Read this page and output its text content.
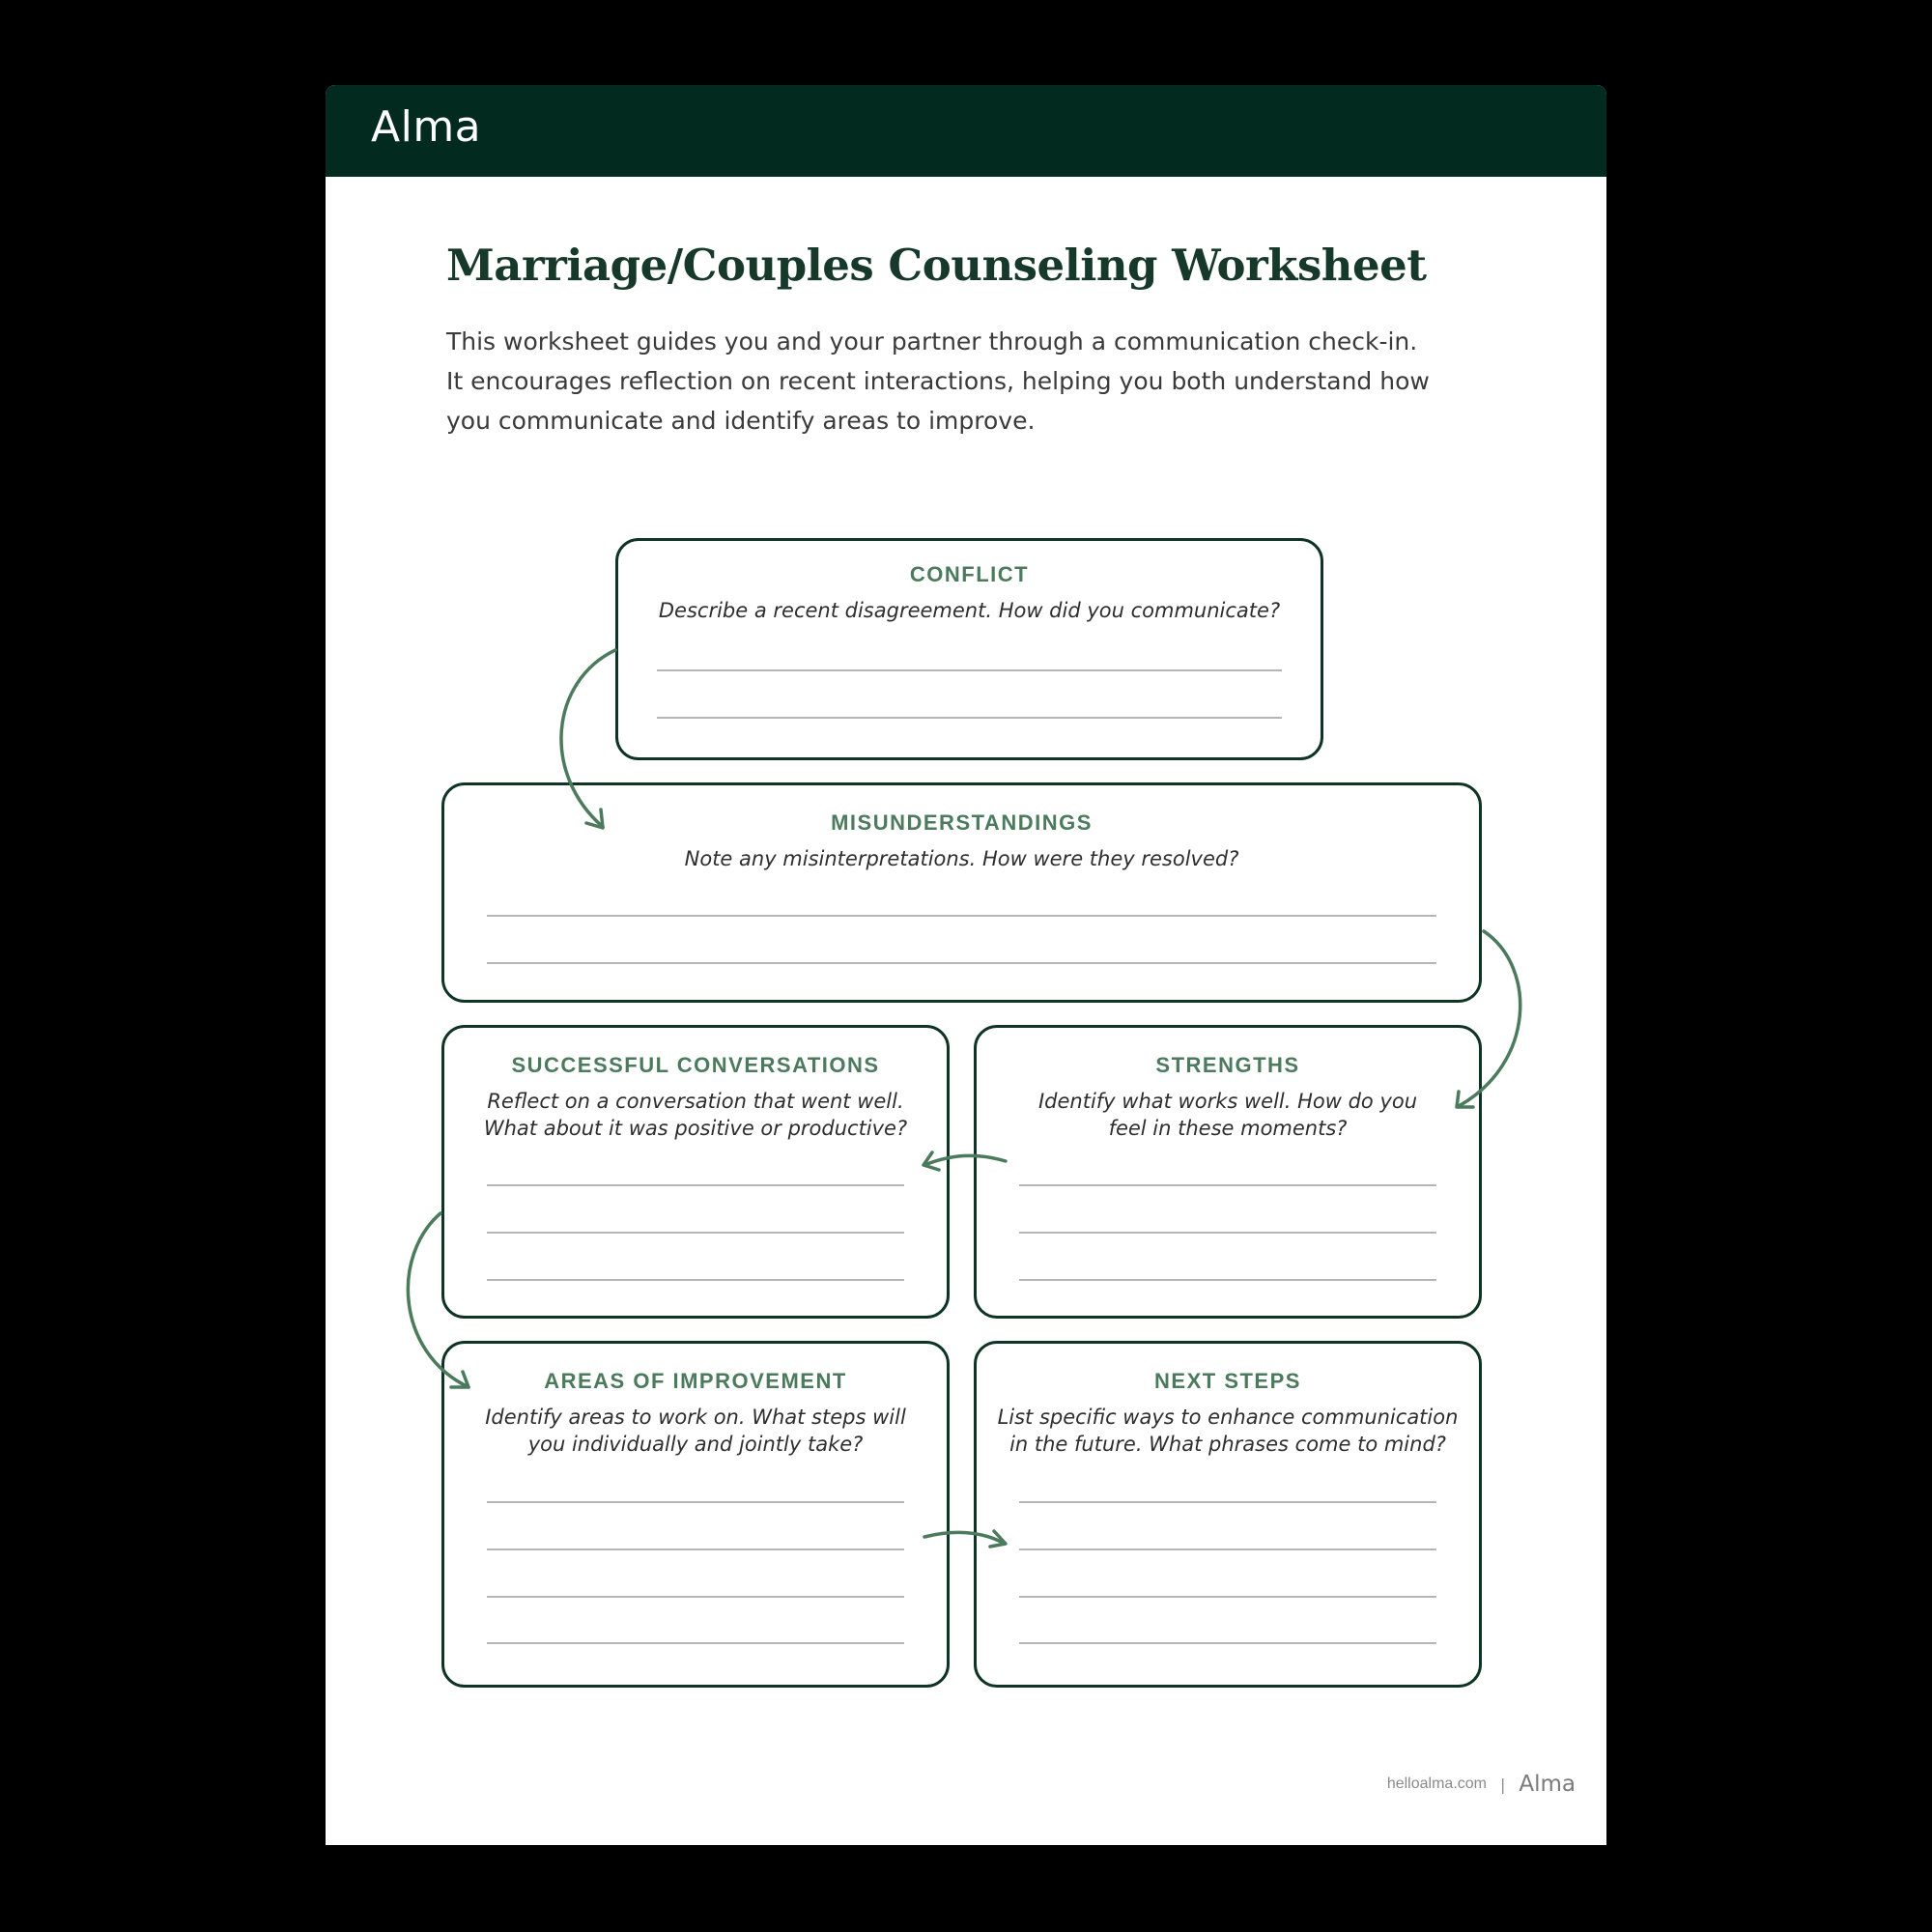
Alma
Marriage/Couples Counseling Worksheet
This worksheet guides you and your partner through a communication check-in.
It encourages reflection on recent interactions, helping you both understand how
you communicate and identify areas to improve.
CONFLICT
Describe a recent disagreement. How did you communicate?
MISUNDERSTANDINGS
Note any misinterpretations. How were they resolved?
SUCCESSFUL CONVERSATIONS
Reflect on a conversation that went well.
What about it was positive or productive?
STRENGTHS
Identify what works well. How do you
feel in these moments?
AREAS OF IMPROVEMENT
Identify areas to work on. What steps will
you individually and jointly take?
NEXT STEPS
List specific ways to enhance communication
in the future. What phrases come to mind?
helloalma.com | Alma
